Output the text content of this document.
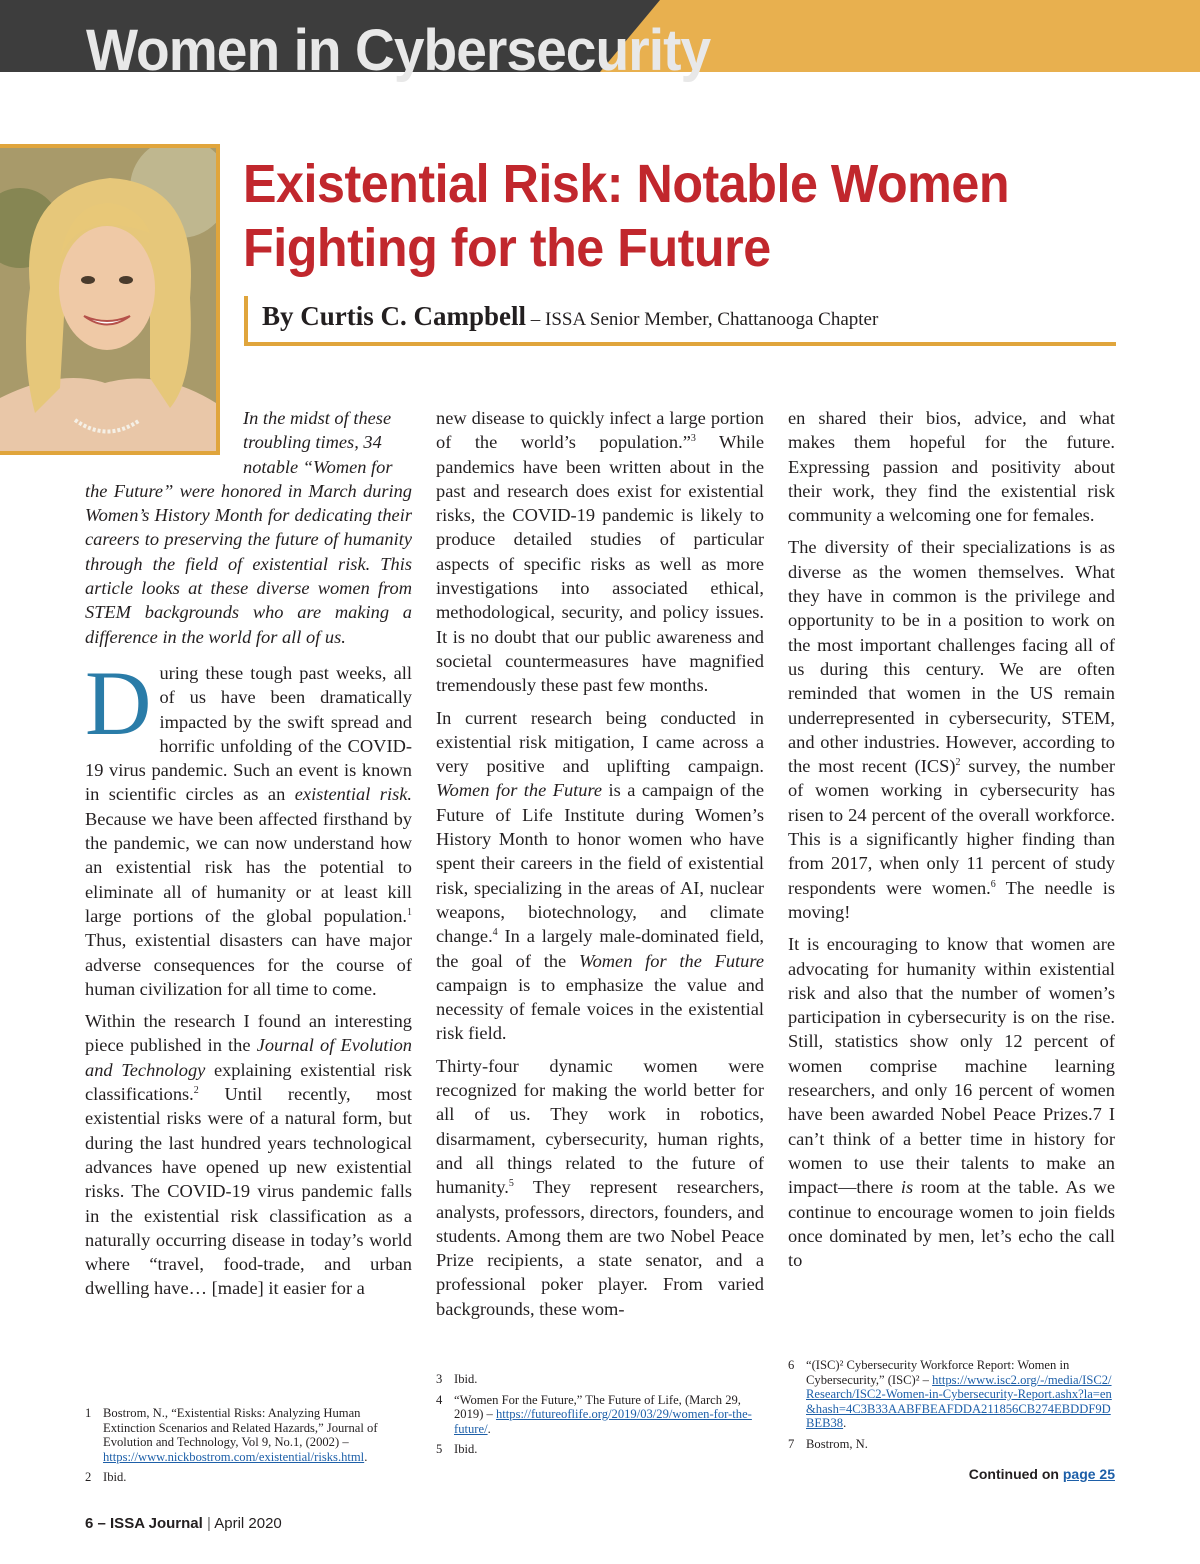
Women in Cybersecurity
Existential Risk: Notable Women Fighting for the Future
By Curtis C. Campbell – ISSA Senior Member, Chattanooga Chapter

In the midst of these
troubling times, 34
notable “Women for
the Future” were honored in March during Women’s History Month for dedicating their careers to preserving the future of humanity through the field of existential risk. This article looks at these diverse women from STEM backgrounds who are making a difference in the world for all of us.

During these tough past weeks, all of us have been dramatically impacted by the swift spread and horrific unfolding of the COVID-19 virus pandemic. Such an event is known in scientific circles as an existential risk. Because we have been affected firsthand by the pandemic, we can now understand how an existential risk has the potential to eliminate all of humanity or at least kill large portions of the global population.$^1$ Thus, existential disasters can have major adverse consequences for the course of human civilization for all time to come.

Within the research I found an interesting piece published in the Journal of Evolution and Technology explaining existential risk classifications.$^2$ Until recently, most existential risks were of a natural form, but during the last hundred years technological advances have opened up new existential risks. The COVID-19 virus pandemic falls in the existential risk classification as a naturally occurring disease in today’s world where “travel, food-trade, and urban dwelling have… [made] it easier for a

new disease to quickly infect a large portion of the world’s population.”$^3$ While pandemics have been written about in the past and research does exist for existential risks, the COVID-19 pandemic is likely to produce detailed studies of particular aspects of specific risks as well as more investigations into associated ethical, methodological, security, and policy issues. It is no doubt that our public awareness and societal countermeasures have magnified tremendously these past few months.

In current research being conducted in existential risk mitigation, I came across a very positive and uplifting campaign. Women for the Future is a campaign of the Future of Life Institute during Women’s History Month to honor women who have spent their careers in the field of existential risk, specializing in the areas of AI, nuclear weapons, biotechnology, and climate change.$^4$ In a largely male-dominated field, the goal of the Women for the Future campaign is to emphasize the value and necessity of female voices in the existential risk field.

Thirty-four dynamic women were recognized for making the world better for all of us. They work in robotics, disarmament, cybersecurity, human rights, and all things related to the future of humanity.$^5$ They represent researchers, analysts, professors, directors, founders, and students. Among them are two Nobel Peace Prize recipients, a state senator, and a professional poker player. From varied backgrounds, these wom-

en shared their bios, advice, and what makes them hopeful for the future. Expressing passion and positivity about their work, they find the existential risk community a welcoming one for females.

The diversity of their specializations is as diverse as the women themselves. What they have in common is the privilege and opportunity to be in a position to work on the most important challenges facing all of us during this century. We are often reminded that women in the US remain underrepresented in cybersecurity, STEM, and other industries. However, according to the most recent (ICS)$^2$ survey, the number of women working in cybersecurity has risen to 24 percent of the overall workforce. This is a significantly higher finding than from 2017, when only 11 percent of study respondents were women.$^6$ The needle is moving!

It is encouraging to know that women are advocating for humanity within existential risk and also that the number of women’s participation in cybersecurity is on the rise. Still, statistics show only 12 percent of women comprise machine learning researchers, and only 16 percent of women have been awarded Nobel Peace Prizes.7 I can’t think of a better time in history for women to use their talents to make an impact—there is room at the table. As we continue to encourage women to join fields once dominated by men, let’s echo the call to

1 Bostrom, N., “Existential Risks: Analyzing Human Extinction Scenarios and Related Hazards,” Journal of Evolution and Technology, Vol 9, No.1, (2002) – https://www.nickbostrom.com/existential/risks.html.
2 Ibid.
3 Ibid.
4 “Women For the Future,” The Future of Life, (March 29, 2019) – https://futureoflife.org/2019/03/29/women-for-the-future/.
5 Ibid.
6 “(ISC)² Cybersecurity Workforce Report: Women in Cybersecurity,” (ISC)² – https://www.isc2.org/-/media/ISC2/Research/ISC2-Women-in-Cybersecurity-Report.ashx?la=en&hash=4C3B33AABFBEAFDDA211856CB274EBDDF9DBEB38.
7 Bostrom, N.
Continued on page 25
6 – ISSA Journal | April 2020
